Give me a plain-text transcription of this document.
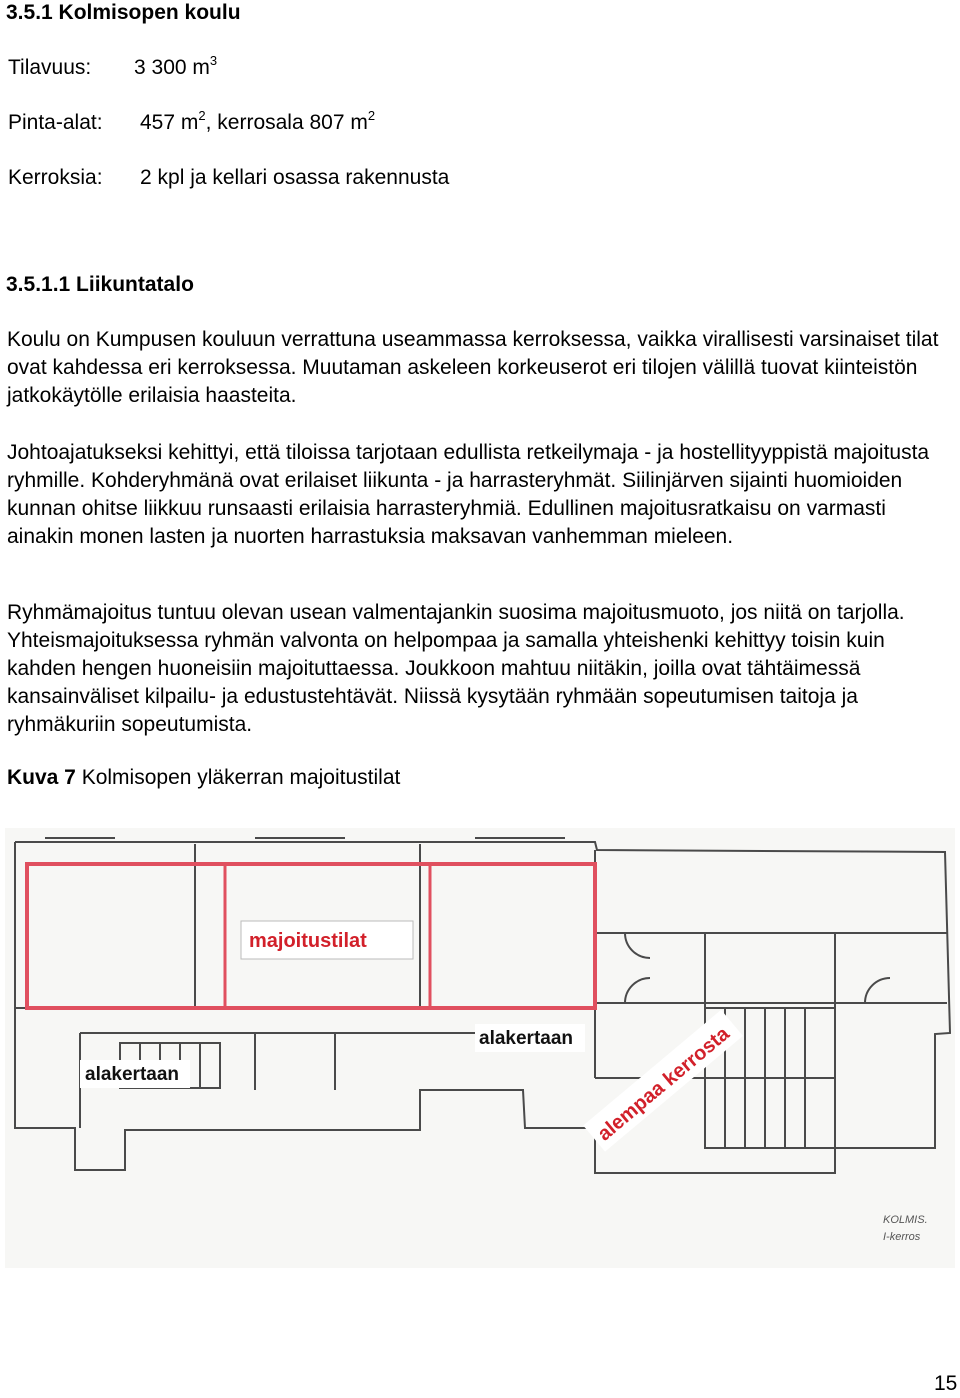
3.5.1 Kolmisopen koulu
Tilavuus: 3 300 $m^3$
Pinta-alat: 457 $m^2$, kerrosala 807 $m^2$
Kerroksia: 2 kpl ja kellari osassa rakennusta
3.5.1.1 Liikuntatalo

Koulu on Kumpusen kouluun verrattuna useammassa kerroksessa, vaikka virallisesti varsinaiset tilat ovat kahdessa eri kerroksessa. Muutaman askeleen korkeuserot eri tilojen välillä tuovat kiinteistön jatkokäytölle erilaisia haasteita.

Johtoajatukseksi kehittyi, että tiloissa tarjotaan edullista retkeilymaja - ja hostellityyppistä majoitusta ryhmille. Kohderyhmänä ovat erilaiset liikunta - ja harrasteryhmät. Siilinjärven sijainti huomioiden kunnan ohitse liikkuu runsaasti erilaisia harrasteryhmiä. Edullinen majoitusratkaisu on varmasti ainakin monen lasten ja nuorten harrastuksia maksavan vanhemman mieleen.

Ryhmämajoitus tuntuu olevan usean valmentajankin suosima majoitusmuoto, jos niitä on tarjolla. Yhteismajoituksessa ryhmän valvonta on helpompaa ja samalla yhteishenki kehittyy toisin kuin kahden hengen huoneisiin majoituttaessa. Joukkoon mahtuu niitäkin, joilla ovat tähtäimessä kansainväliset kilpailu- ja edustustehtävät. Niissä kysytään ryhmään sopeutumisen taitoja ja ryhmäkuriin sopeutumista.

Kuva 7 Kolmisopen yläkerran majoitustilat
majoitustilat
alakertaan
alakertaan	alempaa kerrosta
KOLMIS.
I-kerros
15
